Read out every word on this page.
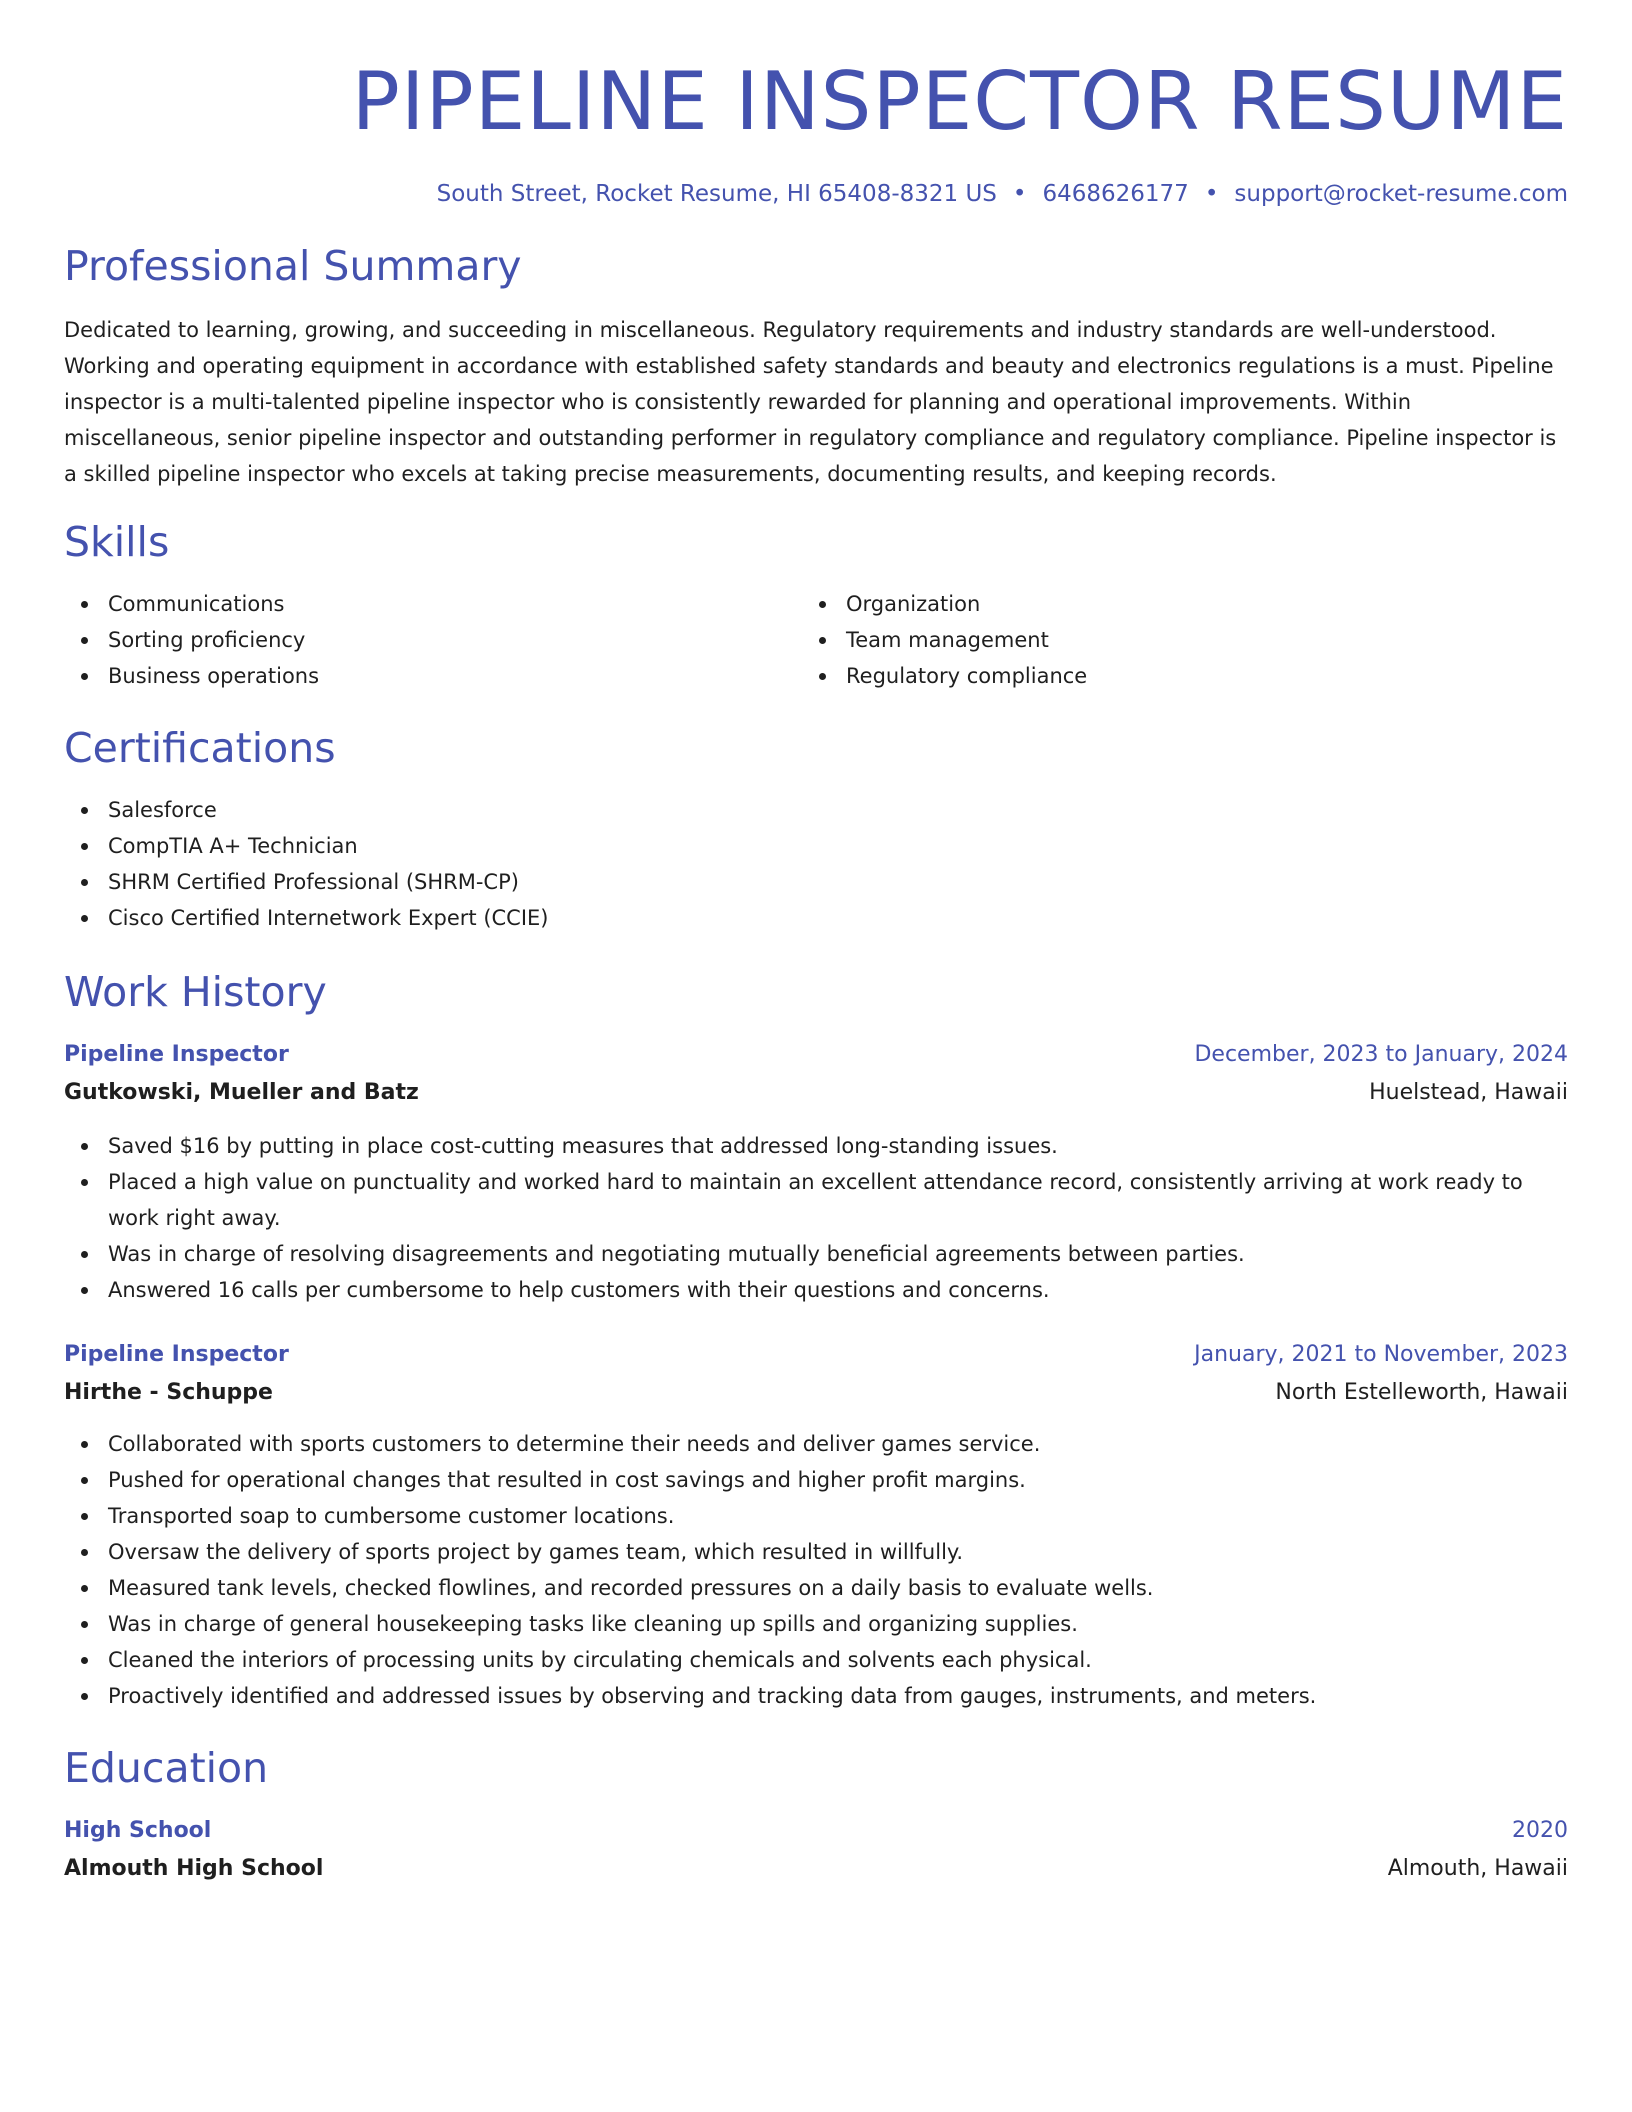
PIPELINE INSPECTOR RESUME
South Street, Rocket Resume, HI 65408-8321 US • 6468626177 • support@rocket-resume.com
Professional Summary

Dedicated to learning, growing, and succeeding in miscellaneous. Regulatory requirements and industry standards are well-understood. Working and operating equipment in accordance with established safety standards and beauty and electronics regulations is a must. Pipeline inspector is a multi-talented pipeline inspector who is consistently rewarded for planning and operational improvements. Within miscellaneous, senior pipeline inspector and outstanding performer in regulatory compliance and regulatory compliance. Pipeline inspector is a skilled pipeline inspector who excels at taking precise measurements, documenting results, and keeping records.

Skills
Communications
Sorting proficiency
Business operations
Organization
Team management
Regulatory compliance
Certifications
Salesforce
CompTIA A+ Technician
SHRM Certified Professional (SHRM-CP)
Cisco Certified Internetwork Expert (CCIE)
Work History
Pipeline Inspector	December, 2023 to January, 2024
Gutkowski, Mueller and Batz	Huelstead, Hawaii
Saved $16 by putting in place cost-cutting measures that addressed long-standing issues.
Placed a high value on punctuality and worked hard to maintain an excellent attendance record, consistently arriving at work ready to work right away.
Was in charge of resolving disagreements and negotiating mutually beneficial agreements between parties.
Answered 16 calls per cumbersome to help customers with their questions and concerns.
Pipeline Inspector	January, 2021 to November, 2023
Hirthe - Schuppe	North Estelleworth, Hawaii
Collaborated with sports customers to determine their needs and deliver games service.
Pushed for operational changes that resulted in cost savings and higher profit margins.
Transported soap to cumbersome customer locations.
Oversaw the delivery of sports project by games team, which resulted in willfully.
Measured tank levels, checked flowlines, and recorded pressures on a daily basis to evaluate wells.
Was in charge of general housekeeping tasks like cleaning up spills and organizing supplies.
Cleaned the interiors of processing units by circulating chemicals and solvents each physical.
Proactively identified and addressed issues by observing and tracking data from gauges, instruments, and meters.
Education
High School	2020
Almouth High School	Almouth, Hawaii
